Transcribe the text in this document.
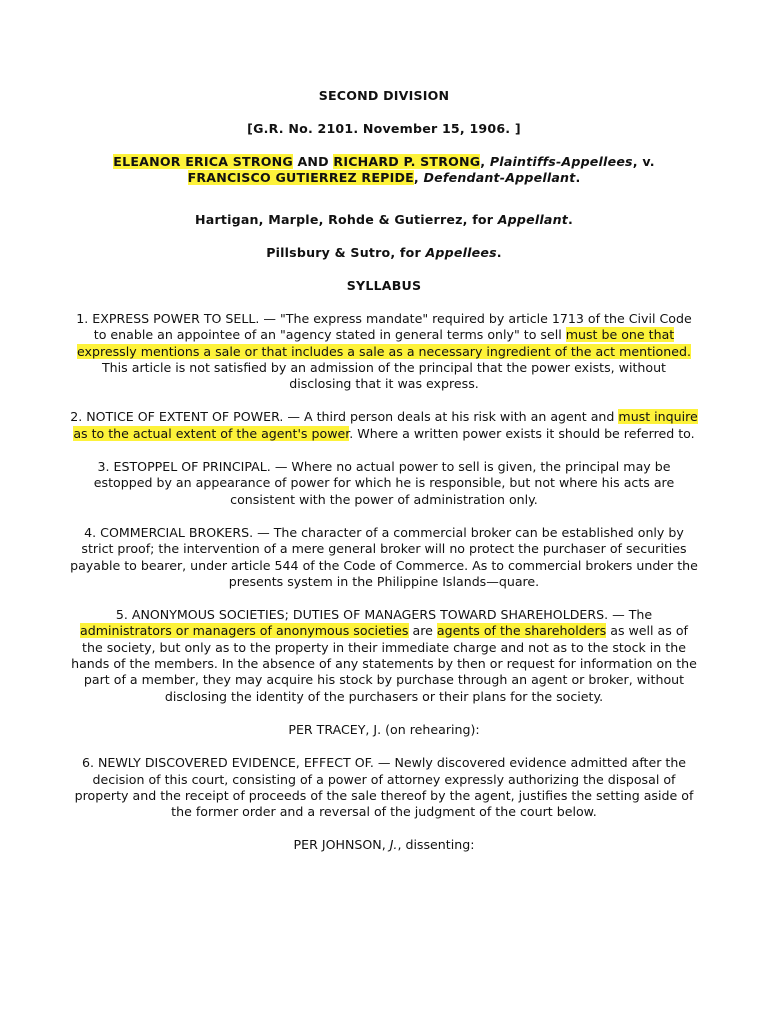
SECOND DIVISION

[G.R. No. 2101. November 15, 1906. ]

ELEANOR ERICA STRONG AND RICHARD P. STRONG, Plaintiffs-Appellees, v.
FRANCISCO GUTIERREZ REPIDE, Defendant-Appellant.

Hartigan, Marple, Rohde & Gutierrez, for Appellant.

Pillsbury & Sutro, for Appellees.

SYLLABUS

1. EXPRESS POWER TO SELL. — "The express mandate" required by article 1713 of the Civil Code to enable an appointee of an "agency stated in general terms only" to sell must be one that expressly mentions a sale or that includes a sale as a necessary ingredient of the act mentioned. This article is not satisfied by an admission of the principal that the power exists, without disclosing that it was express.

2. NOTICE OF EXTENT OF POWER. — A third person deals at his risk with an agent and must inquire as to the actual extent of the agent's power. Where a written power exists it should be referred to.

3. ESTOPPEL OF PRINCIPAL. — Where no actual power to sell is given, the principal may be estopped by an appearance of power for which he is responsible, but not where his acts are consistent with the power of administration only.

4. COMMERCIAL BROKERS. — The character of a commercial broker can be established only by strict proof; the intervention of a mere general broker will no protect the purchaser of securities payable to bearer, under article 544 of the Code of Commerce. As to commercial brokers under the presents system in the Philippine Islands—quare.

5. ANONYMOUS SOCIETIES; DUTIES OF MANAGERS TOWARD SHAREHOLDERS. — The administrators or managers of anonymous societies are agents of the shareholders as well as of the society, but only as to the property in their immediate charge and not as to the stock in the hands of the members. In the absence of any statements by then or request for information on the part of a member, they may acquire his stock by purchase through an agent or broker, without disclosing the identity of the purchasers or their plans for the society.

PER TRACEY, J. (on rehearing):

6. NEWLY DISCOVERED EVIDENCE, EFFECT OF. — Newly discovered evidence admitted after the decision of this court, consisting of a power of attorney expressly authorizing the disposal of property and the receipt of proceeds of the sale thereof by the agent, justifies the setting aside of the former order and a reversal of the judgment of the court below.

PER JOHNSON, J., dissenting:
